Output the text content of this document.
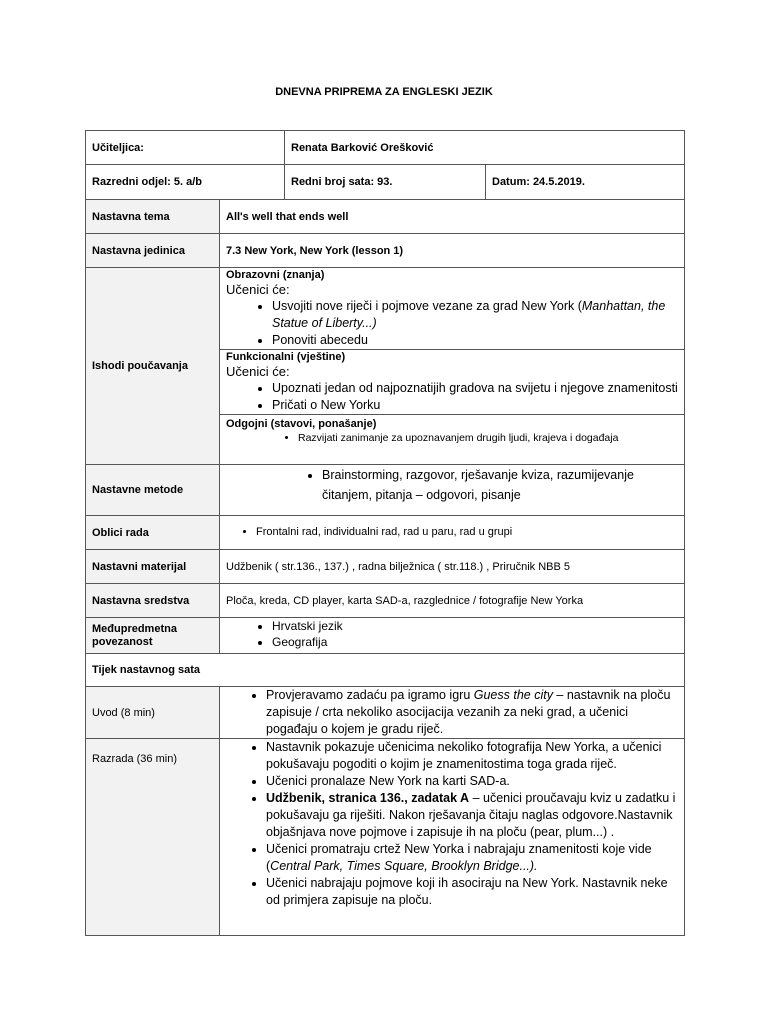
DNEVNA PRIPREMA ZA ENGLESKI JEZIK
Učiteljica:	Renata Barković Orešković
Razredni odjel: 5. a/b	Redni broj sata: 93.	Datum: 24.5.2019.
Nastavna tema	All's well that ends well
Nastavna jedinica	7.3 New York, New York (lesson 1)
Ishodi poučavanja
Obrazovni (znanja)
Učenici će:
• Usvojiti nove riječi i pojmove vezane za grad New York (Manhattan, the Statue of Liberty...)
• Ponoviti abecedu
Funkcionalni (vještine)
Učenici će:
• Upoznati jedan od najpoznatijih gradova na svijetu i njegove znamenitosti
• Pričati o New Yorku
Odgojni (stavovi, ponašanje)
• Razvijati zanimanje za upoznavanjem drugih ljudi, krajeva i događaja
Nastavne metode
• Brainstorming, razgovor, rješavanje kviza, razumijevanje čitanjem, pitanja – odgovori, pisanje
Oblici rada
•	Frontalni rad, individualni rad, rad u paru, rad u grupi
Nastavni materijal	Udžbenik ( str.136., 137.) , radna bilježnica ( str.118.) , Priručnik NBB 5
Nastavna sredstva	Ploča, kreda, CD player, karta SAD-a, razglednice / fotografije New Yorka
Međupredmetna povezanost
• Hrvatski jezik
• Geografija
Tijek nastavnog sata
Uvod (8 min)
• Provjeravamo zadaću pa igramo igru Guess the city – nastavnik na ploču zapisuje / crta nekoliko asocijacija vezanih za neki grad, a učenici pogađaju o kojem je gradu riječ.
Razrada (36 min)
• Nastavnik pokazuje učenicima nekoliko fotografija New Yorka, a učenici pokušavaju pogoditi o kojim je znamenitostima toga grada riječ.
• Učenici pronalaze New York na karti SAD-a.
• Udžbenik, stranica 136., zadatak A – učenici proučavaju kviz u zadatku i pokušavaju ga riješiti. Nakon rješavanja čitaju naglas odgovore.Nastavnik objašnjava nove pojmove i zapisuje ih na ploču (pear, plum...) .
• Učenici promatraju crtež New Yorka i nabrajaju znamenitosti koje vide (Central Park, Times Square, Brooklyn Bridge...).
• Učenici nabrajaju pojmove koji ih asociraju na New York. Nastavnik neke od primjera zapisuje na ploču.
